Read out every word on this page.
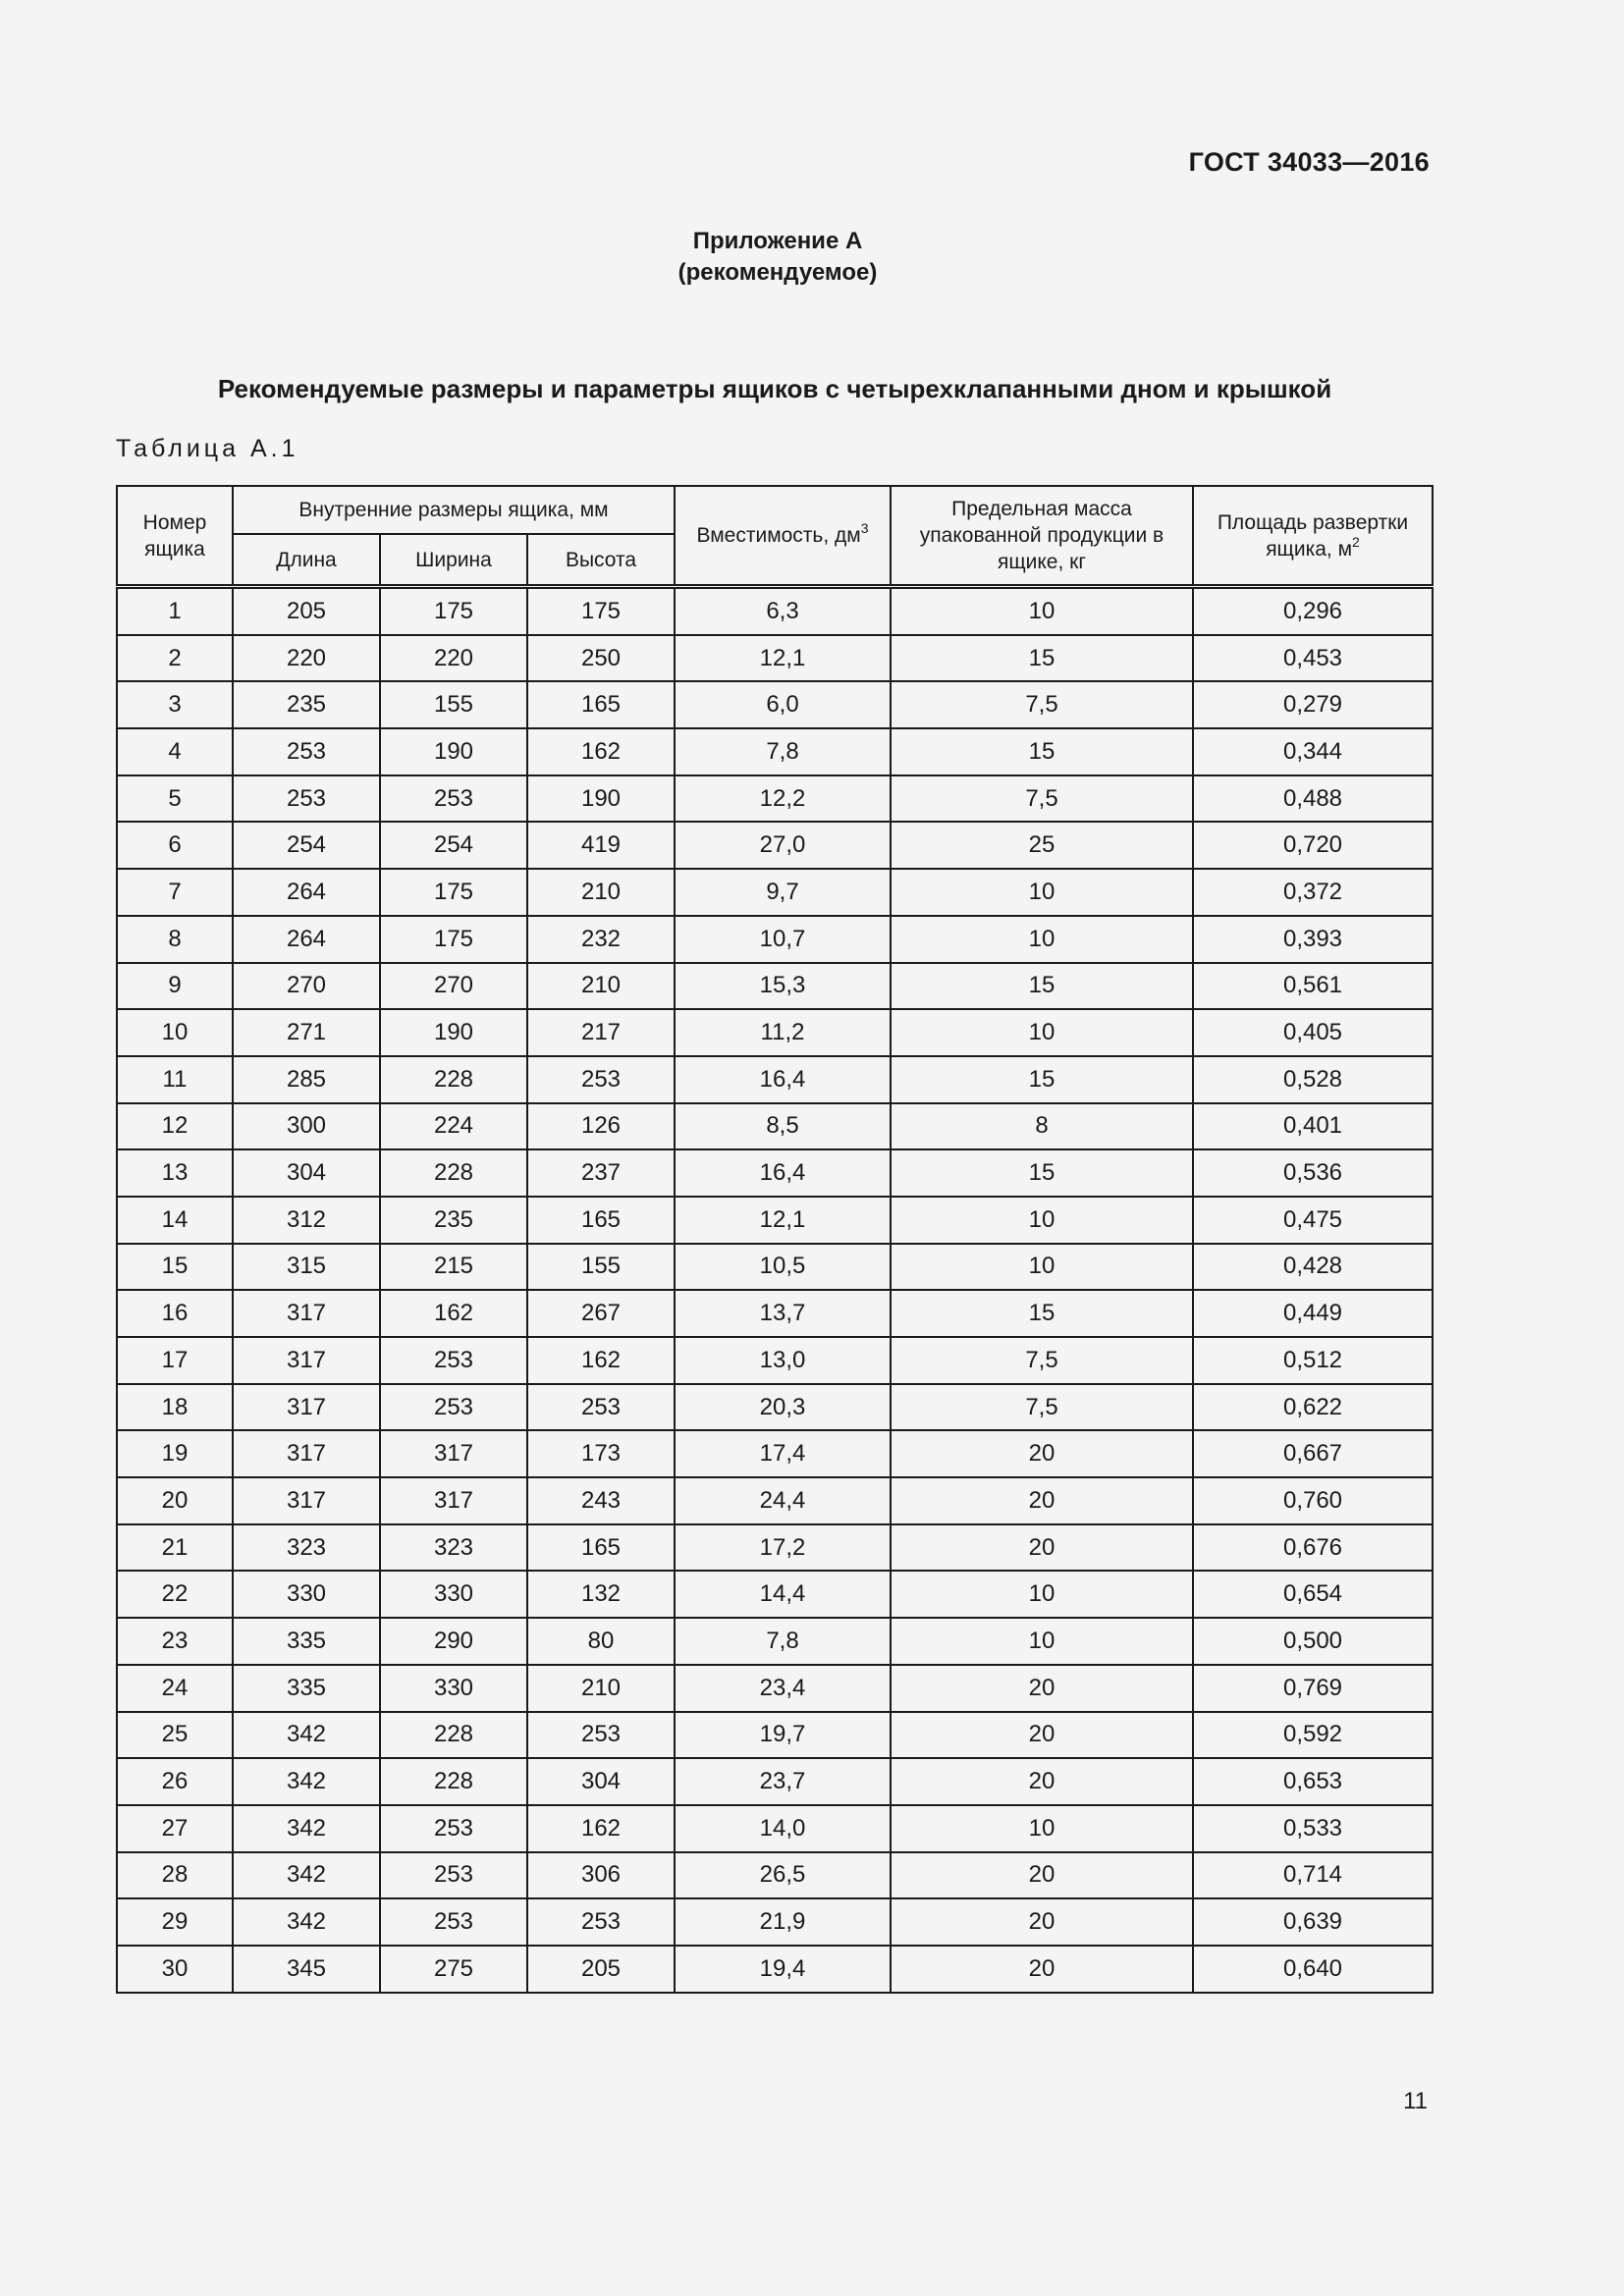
ГОСТ 34033—2016
Приложение А
(рекомендуемое)
Рекомендуемые размеры и параметры ящиков с четырехклапанными дном и крышкой
Таблица А.1
Номер ящика	Внутренние размеры ящика, мм			Вместимость, $дм^3$	Предельная масса упакованной продукции в ящике, кг	Площадь развертки ящика, $м^2$
	Длина	Ширина	Высота			
1	205	175	175	6,3	10	0,296
2	220	220	250	12,1	15	0,453
3	235	155	165	6,0	7,5	0,279
4	253	190	162	7,8	15	0,344
5	253	253	190	12,2	7,5	0,488
6	254	254	419	27,0	25	0,720
7	264	175	210	9,7	10	0,372
8	264	175	232	10,7	10	0,393
9	270	270	210	15,3	15	0,561
10	271	190	217	11,2	10	0,405
11	285	228	253	16,4	15	0,528
12	300	224	126	8,5	8	0,401
13	304	228	237	16,4	15	0,536
14	312	235	165	12,1	10	0,475
15	315	215	155	10,5	10	0,428
16	317	162	267	13,7	15	0,449
17	317	253	162	13,0	7,5	0,512
18	317	253	253	20,3	7,5	0,622
19	317	317	173	17,4	20	0,667
20	317	317	243	24,4	20	0,760
21	323	323	165	17,2	20	0,676
22	330	330	132	14,4	10	0,654
23	335	290	80	7,8	10	0,500
24	335	330	210	23,4	20	0,769
25	342	228	253	19,7	20	0,592
26	342	228	304	23,7	20	0,653
27	342	253	162	14,0	10	0,533
28	342	253	306	26,5	20	0,714
29	342	253	253	21,9	20	0,639
30	345	275	205	19,4	20	0,640
11
